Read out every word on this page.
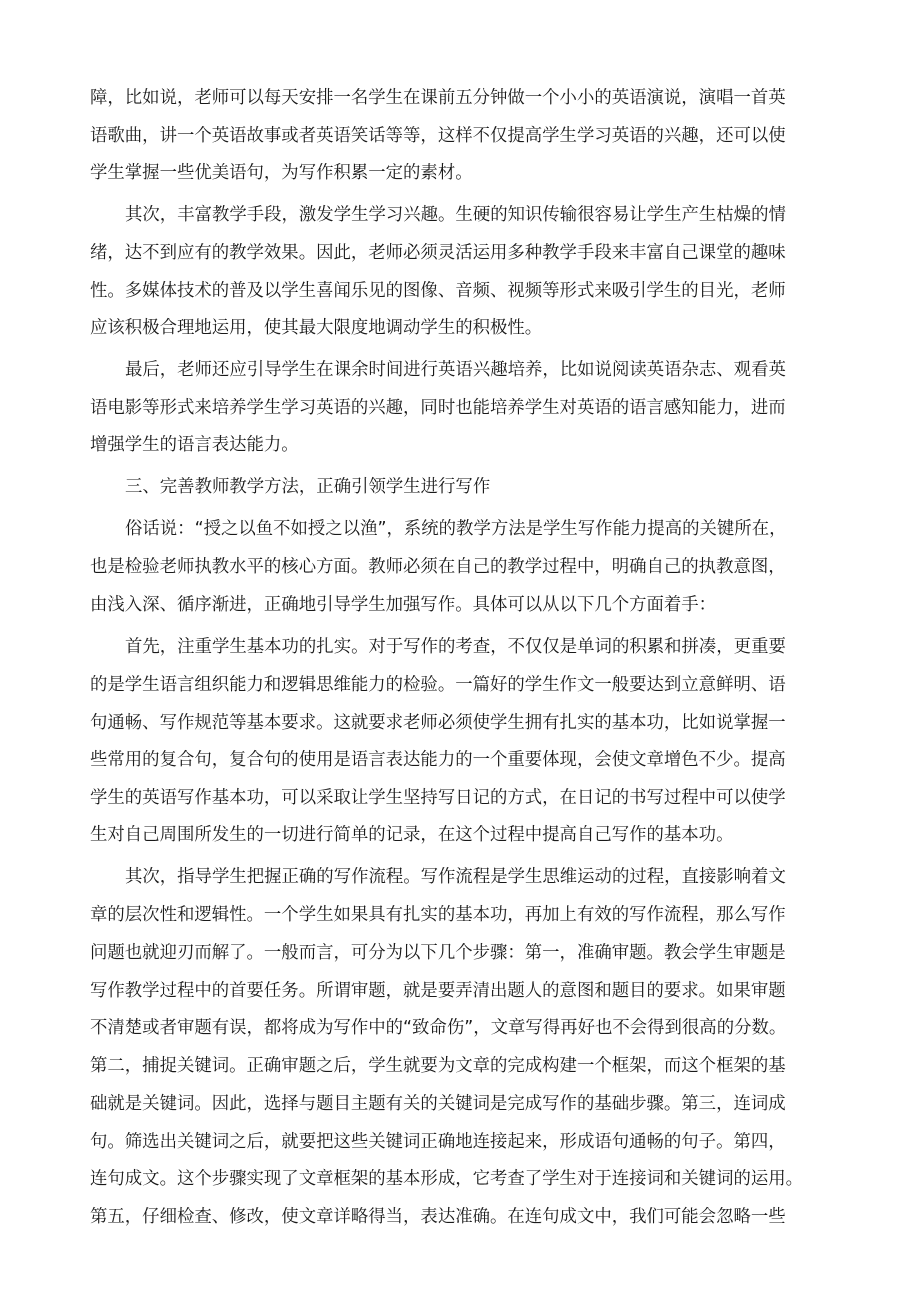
障，比如说，老师可以每天安排一名学生在课前五分钟做一个小小的英语演说，演唱一首英

语歌曲，讲一个英语故事或者英语笑话等等，这样不仅提高学生学习英语的兴趣，还可以使

学生掌握一些优美语句，为写作积累一定的素材。

其次，丰富教学手段，激发学生学习兴趣。生硬的知识传输很容易让学生产生枯燥的情

绪，达不到应有的教学效果。因此，老师必须灵活运用多种教学手段来丰富自己课堂的趣味

性。多媒体技术的普及以学生喜闻乐见的图像、音频、视频等形式来吸引学生的目光，老师

应该积极合理地运用，使其最大限度地调动学生的积极性。

最后，老师还应引导学生在课余时间进行英语兴趣培养，比如说阅读英语杂志、观看英

语电影等形式来培养学生学习英语的兴趣，同时也能培养学生对英语的语言感知能力，进而

增强学生的语言表达能力。

三、完善教师教学方法，正确引领学生进行写作

俗话说：“授之以鱼不如授之以渔”，系统的教学方法是学生写作能力提高的关键所在，

也是检验老师执教水平的核心方面。教师必须在自己的教学过程中，明确自己的执教意图，

由浅入深、循序渐进，正确地引导学生加强写作。具体可以从以下几个方面着手：

首先，注重学生基本功的扎实。对于写作的考查，不仅仅是单词的积累和拼凑，更重要

的是学生语言组织能力和逻辑思维能力的检验。一篇好的学生作文一般要达到立意鲜明、语

句通畅、写作规范等基本要求。这就要求老师必须使学生拥有扎实的基本功，比如说掌握一

些常用的复合句，复合句的使用是语言表达能力的一个重要体现，会使文章增色不少。提高

学生的英语写作基本功，可以采取让学生坚持写日记的方式，在日记的书写过程中可以使学

生对自己周围所发生的一切进行简单的记录，在这个过程中提高自己写作的基本功。

其次，指导学生把握正确的写作流程。写作流程是学生思维运动的过程，直接影响着文

章的层次性和逻辑性。一个学生如果具有扎实的基本功，再加上有效的写作流程，那么写作

问题也就迎刃而解了。一般而言，可分为以下几个步骤：第一，准确审题。教会学生审题是

写作教学过程中的首要任务。所谓审题，就是要弄清出题人的意图和题目的要求。如果审题

不清楚或者审题有误，都将成为写作中的“致命伤”，文章写得再好也不会得到很高的分数。

第二，捕捉关键词。正确审题之后，学生就要为文章的完成构建一个框架，而这个框架的基

础就是关键词。因此，选择与题目主题有关的关键词是完成写作的基础步骤。第三，连词成

句。筛选出关键词之后，就要把这些关键词正确地连接起来，形成语句通畅的句子。第四，

连句成文。这个步骤实现了文章框架的基本形成，它考查了学生对于连接词和关键词的运用。

第五，仔细检查、修改，使文章详略得当，表达准确。在连句成文中，我们可能会忽略一些
